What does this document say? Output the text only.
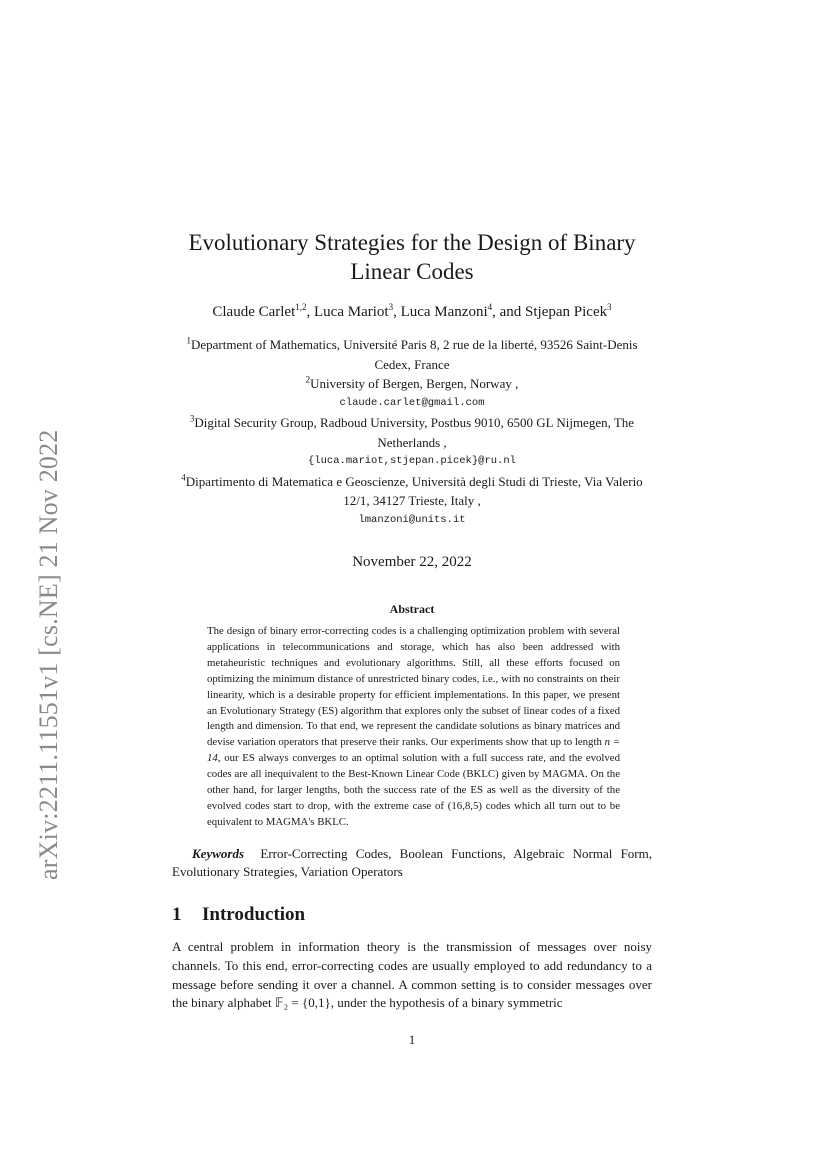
arXiv:2211.11551v1 [cs.NE] 21 Nov 2022
Evolutionary Strategies for the Design of Binary Linear Codes
Claude Carlet$^{1,2}$, Luca Mariot$^3$, Luca Manzoni$^4$, and Stjepan Picek$^3$
$^1$Department of Mathematics, Université Paris 8, 2 rue de la liberté, 93526 Saint-Denis Cedex, France
$^2$University of Bergen, Bergen, Norway ,
claude.carlet@gmail.com
$^3$Digital Security Group, Radboud University, Postbus 9010, 6500 GL Nijmegen, The Netherlands ,
{luca.mariot,stjepan.picek}@ru.nl
$^4$Dipartimento di Matematica e Geoscienze, Università degli Studi di Trieste, Via Valerio 12/1, 34127 Trieste, Italy ,
lmanzoni@units.it
November 22, 2022
Abstract
The design of binary error-correcting codes is a challenging optimization problem with several applications in telecommunications and storage, which has also been addressed with metaheuristic techniques and evolutionary algorithms. Still, all these efforts focused on optimizing the minimum distance of unrestricted binary codes, i.e., with no constraints on their linearity, which is a desirable property for efficient implementations. In this paper, we present an Evolutionary Strategy (ES) algorithm that explores only the subset of linear codes of a fixed length and dimension. To that end, we represent the candidate solutions as binary matrices and devise variation operators that preserve their ranks. Our experiments show that up to length n = 14, our ES always converges to an optimal solution with a full success rate, and the evolved codes are all inequivalent to the Best-Known Linear Code (BKLC) given by MAGMA. On the other hand, for larger lengths, both the success rate of the ES as well as the diversity of the evolved codes start to drop, with the extreme case of (16,8,5) codes which all turn out to be equivalent to MAGMA's BKLC.
Keywords Error-Correcting Codes, Boolean Functions, Algebraic Normal Form, Evolutionary Strategies, Variation Operators
1 Introduction
A central problem in information theory is the transmission of messages over noisy channels. To this end, error-correcting codes are usually employed to add redundancy to a message before sending it over a channel. A common setting is to consider messages over the binary alphabet 𝔽₂ = {0,1}, under the hypothesis of a binary symmetric
1
